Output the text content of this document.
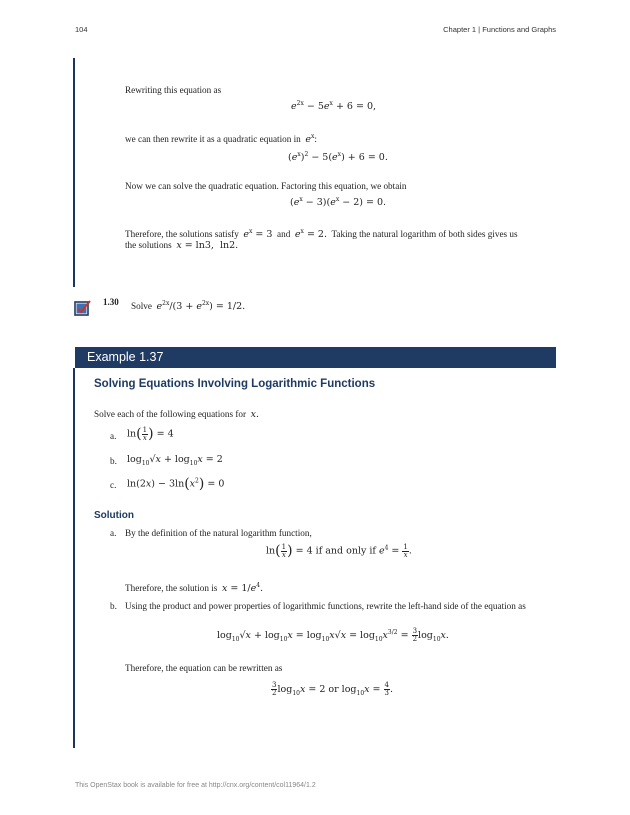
104	Chapter 1 | Functions and Graphs
Rewriting this equation as
$e^{2x} - 5e^x + 6 = 0$,
we can then rewrite it as a quadratic equation in $e^x$:
$(e^x)^2 - 5(e^x) + 6 = 0$.
Now we can solve the quadratic equation. Factoring this equation, we obtain
$(e^x - 3)(e^x - 2) = 0$.
Therefore, the solutions satisfy $e^x = 3$ and $e^x = 2$. Taking the natural logarithm of both sides gives us
the solutions x = ln3,  ln2.
1.30 Solve $e^{2x}/(3 + e^{2x}) = 1/2$.
Example 1.37
Solving Equations Involving Logarithmic Functions
Solve each of the following equations for x.
a. $\ln( \frac{1}{x}$ ) = 4
b. $\log_{10}√x + \log_{10}x = 2$
c. $\ln(2x) - 3\ln(x^2) = 0$
Solution
a. By the definition of the natural logarithm function,
$\ln( \frac{1}{x}$ ) = 4 if and only if $e^4 = \frac{1}{x}$ .
Therefore, the solution is $x = 1/e^4$.
b. Using the product and power properties of logarithmic functions, rewrite the left-hand side of the equation as
$\log_{10}√x + \log_{10}x = \log_{10}x√x = \log_{10}x^{3/2} = \frac{3}{2} \log_{10}x$.
Therefore, the equation can be rewritten as
$\frac{3}{2} \log_{10}x = 2$ or $\log_{10}x = \frac{4}{3}$ .
This OpenStax book is available for free at http://cnx.org/content/col11964/1.2
